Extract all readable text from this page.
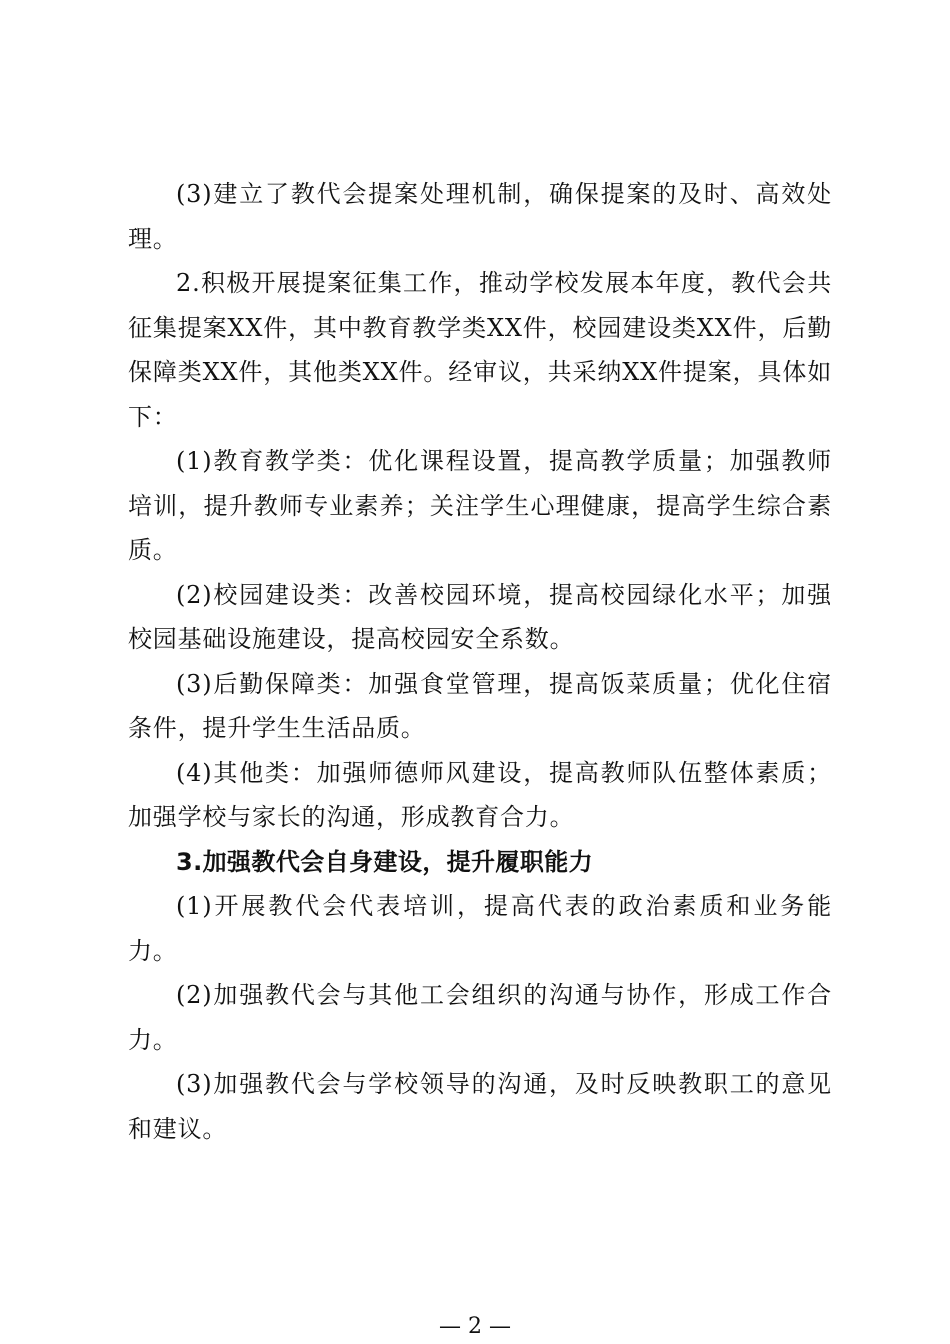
(3)建立了教代会提案处理机制，确保提案的及时、高效处理。

2.积极开展提案征集工作，推动学校发展本年度，教代会共征集提案XX件，其中教育教学类XX件，校园建设类XX件，后勤保障类XX件，其他类XX件。经审议，共采纳XX件提案，具体如下：

(1)教育教学类：优化课程设置，提高教学质量；加强教师培训，提升教师专业素养；关注学生心理健康，提高学生综合素质。

(2)校园建设类：改善校园环境，提高校园绿化水平；加强校园基础设施建设，提高校园安全系数。

(3)后勤保障类：加强食堂管理，提高饭菜质量；优化住宿条件，提升学生生活品质。

(4)其他类：加强师德师风建设，提高教师队伍整体素质；加强学校与家长的沟通，形成教育合力。

3.加强教代会自身建设，提升履职能力

(1)开展教代会代表培训，提高代表的政治素质和业务能力。

(2)加强教代会与其他工会组织的沟通与协作，形成工作合力。

(3)加强教代会与学校领导的沟通，及时反映教职工的意见和建议。

— 2 —
